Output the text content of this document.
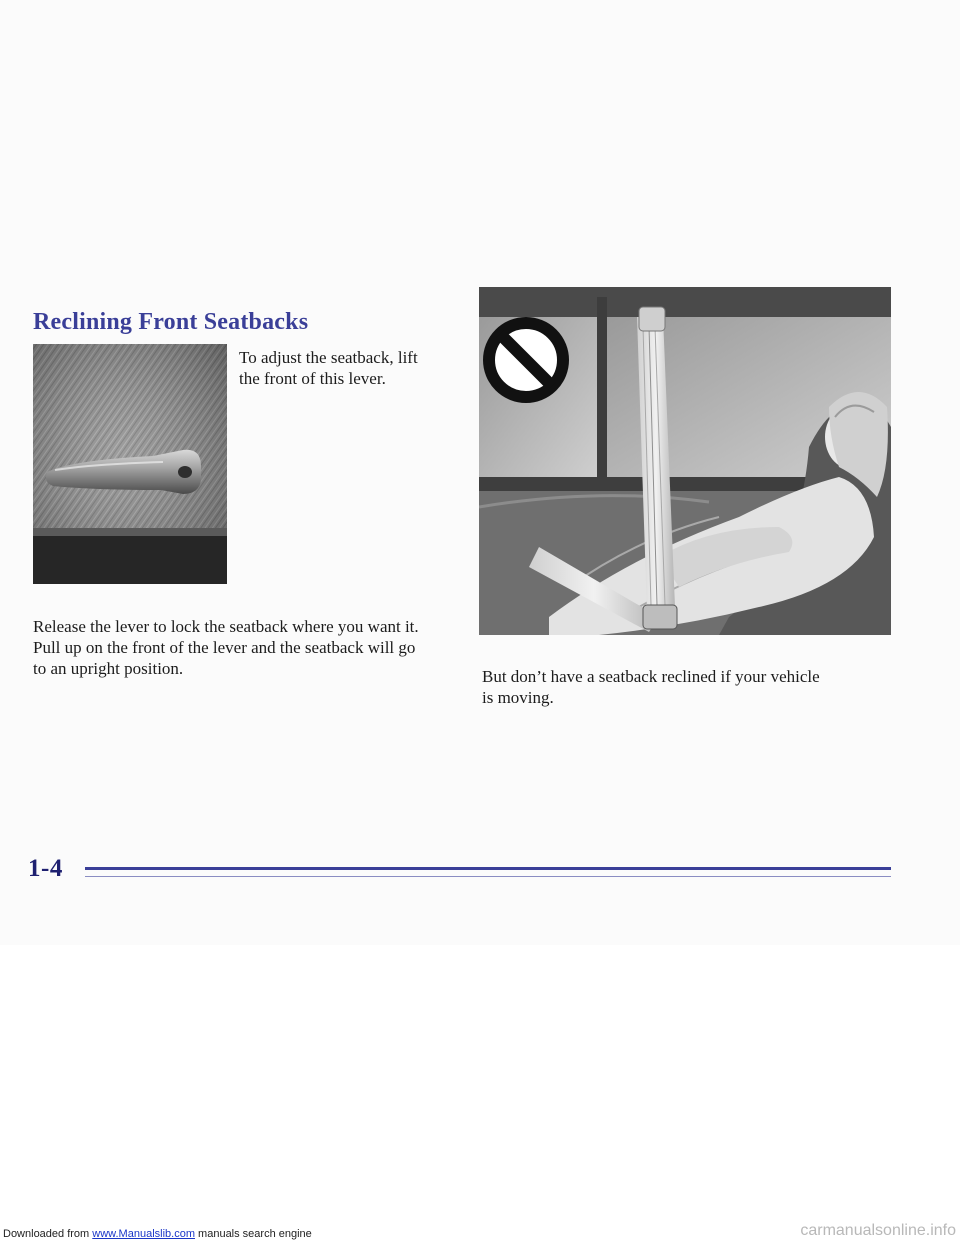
Reclining Front Seatbacks

To adjust the seatback, lift

the front of this lever.

Release the lever to lock the seatback where you want it.

Pull up on the front of the lever and the seatback will go

to an upright position.	But don’t have a seatback reclined if your vehicle

is moving.

1-4
Downloaded from www.Manualslib.com manuals search engine	carmanualsonline.info
